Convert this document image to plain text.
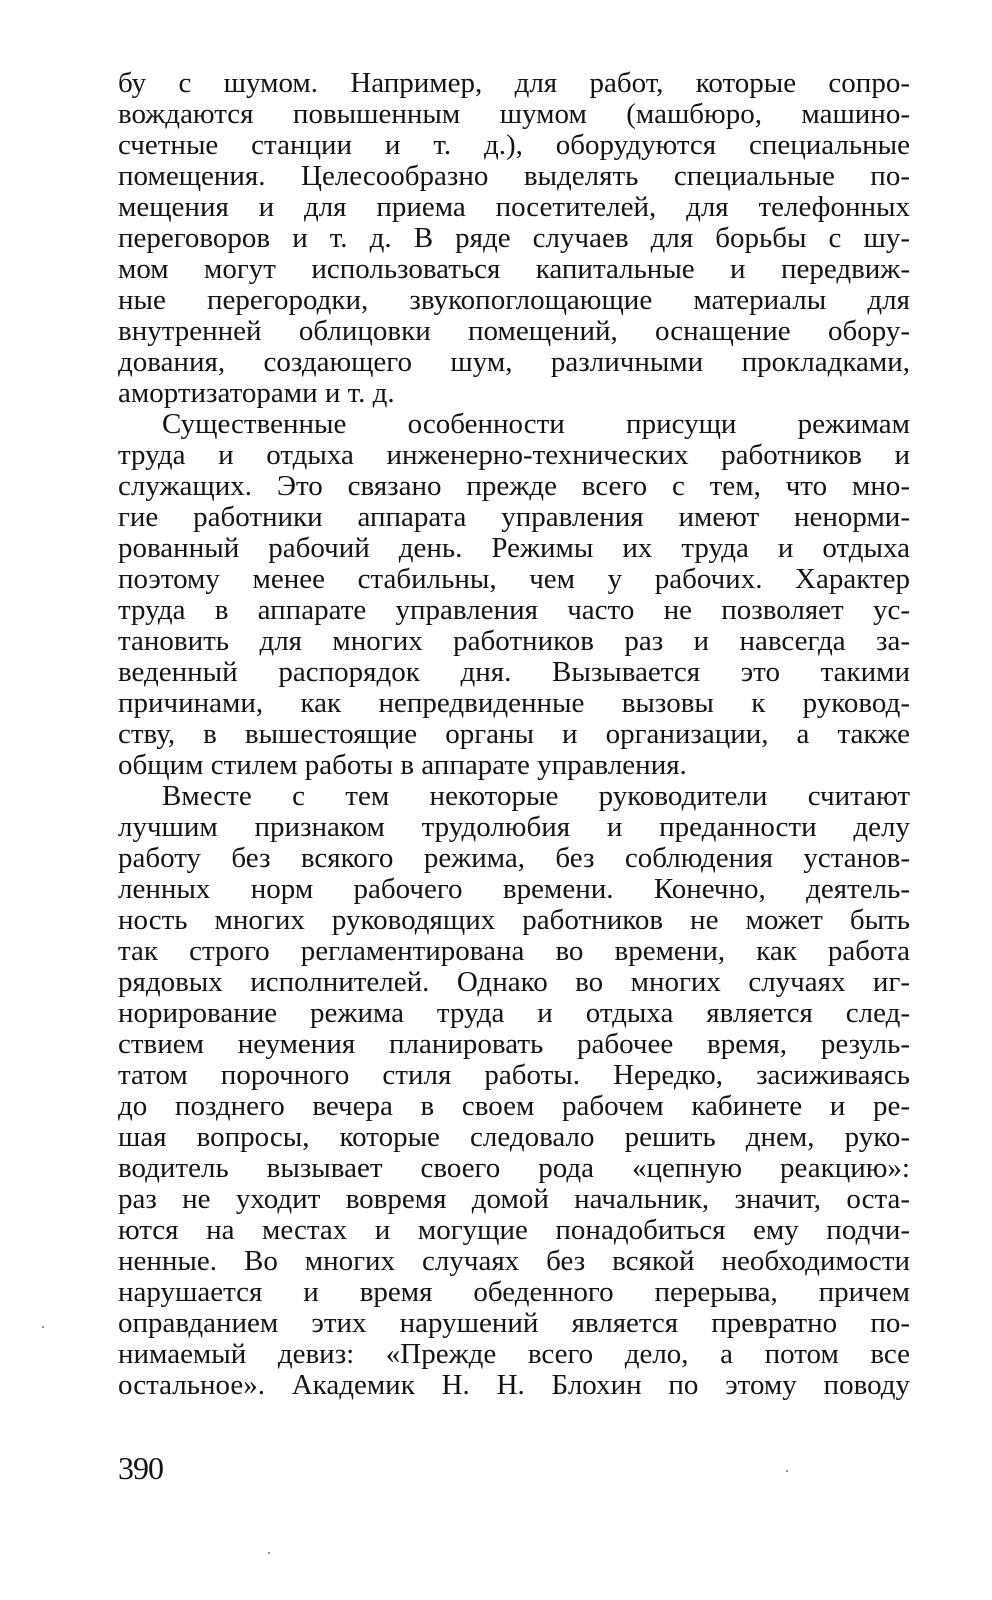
бу с шумом. Например, для работ, которые сопро-
вождаются повышенным шумом (машбюро, машино-
счетные станции и т. д.), оборудуются специальные
помещения. Целесообразно выделять специальные по-
мещения и для приема посетителей, для телефонных
переговоров и т. д. В ряде случаев для борьбы с шу-
мом могут использоваться капитальные и передвиж-
ные перегородки, звукопоглощающие материалы для
внутренней облицовки помещений, оснащение обору-
дования, создающего шум, различными прокладками,
амортизаторами и т. д.
Существенные особенности присущи режимам
труда и отдыха инженерно-технических работников и
служащих. Это связано прежде всего с тем, что мно-
гие работники аппарата управления имеют ненорми-
рованный рабочий день. Режимы их труда и отдыха
поэтому менее стабильны, чем у рабочих. Характер
труда в аппарате управления часто не позволяет ус-
тановить для многих работников раз и навсегда за-
веденный распорядок дня. Вызывается это такими
причинами, как непредвиденные вызовы к руковод-
ству, в вышестоящие органы и организации, а также
общим стилем работы в аппарате управления.
Вместе с тем некоторые руководители считают
лучшим признаком трудолюбия и преданности делу
работу без всякого режима, без соблюдения установ-
ленных норм рабочего времени. Конечно, деятель-
ность многих руководящих работников не может быть
так строго регламентирована во времени, как работа
рядовых исполнителей. Однако во многих случаях иг-
норирование режима труда и отдыха является след-
ствием неумения планировать рабочее время, резуль-
татом порочного стиля работы. Нередко, засиживаясь
до позднего вечера в своем рабочем кабинете и ре-
шая вопросы, которые следовало решить днем, руко-
водитель вызывает своего рода «цепную реакцию»:
раз не уходит вовремя домой начальник, значит, оста-
ются на местах и могущие понадобиться ему подчи-
ненные. Во многих случаях без всякой необходимости
нарушается и время обеденного перерыва, причем
оправданием этих нарушений является превратно по-
нимаемый девиз: «Прежде всего дело, а потом все
остальное». Академик Н. Н. Блохин по этому поводу
390
